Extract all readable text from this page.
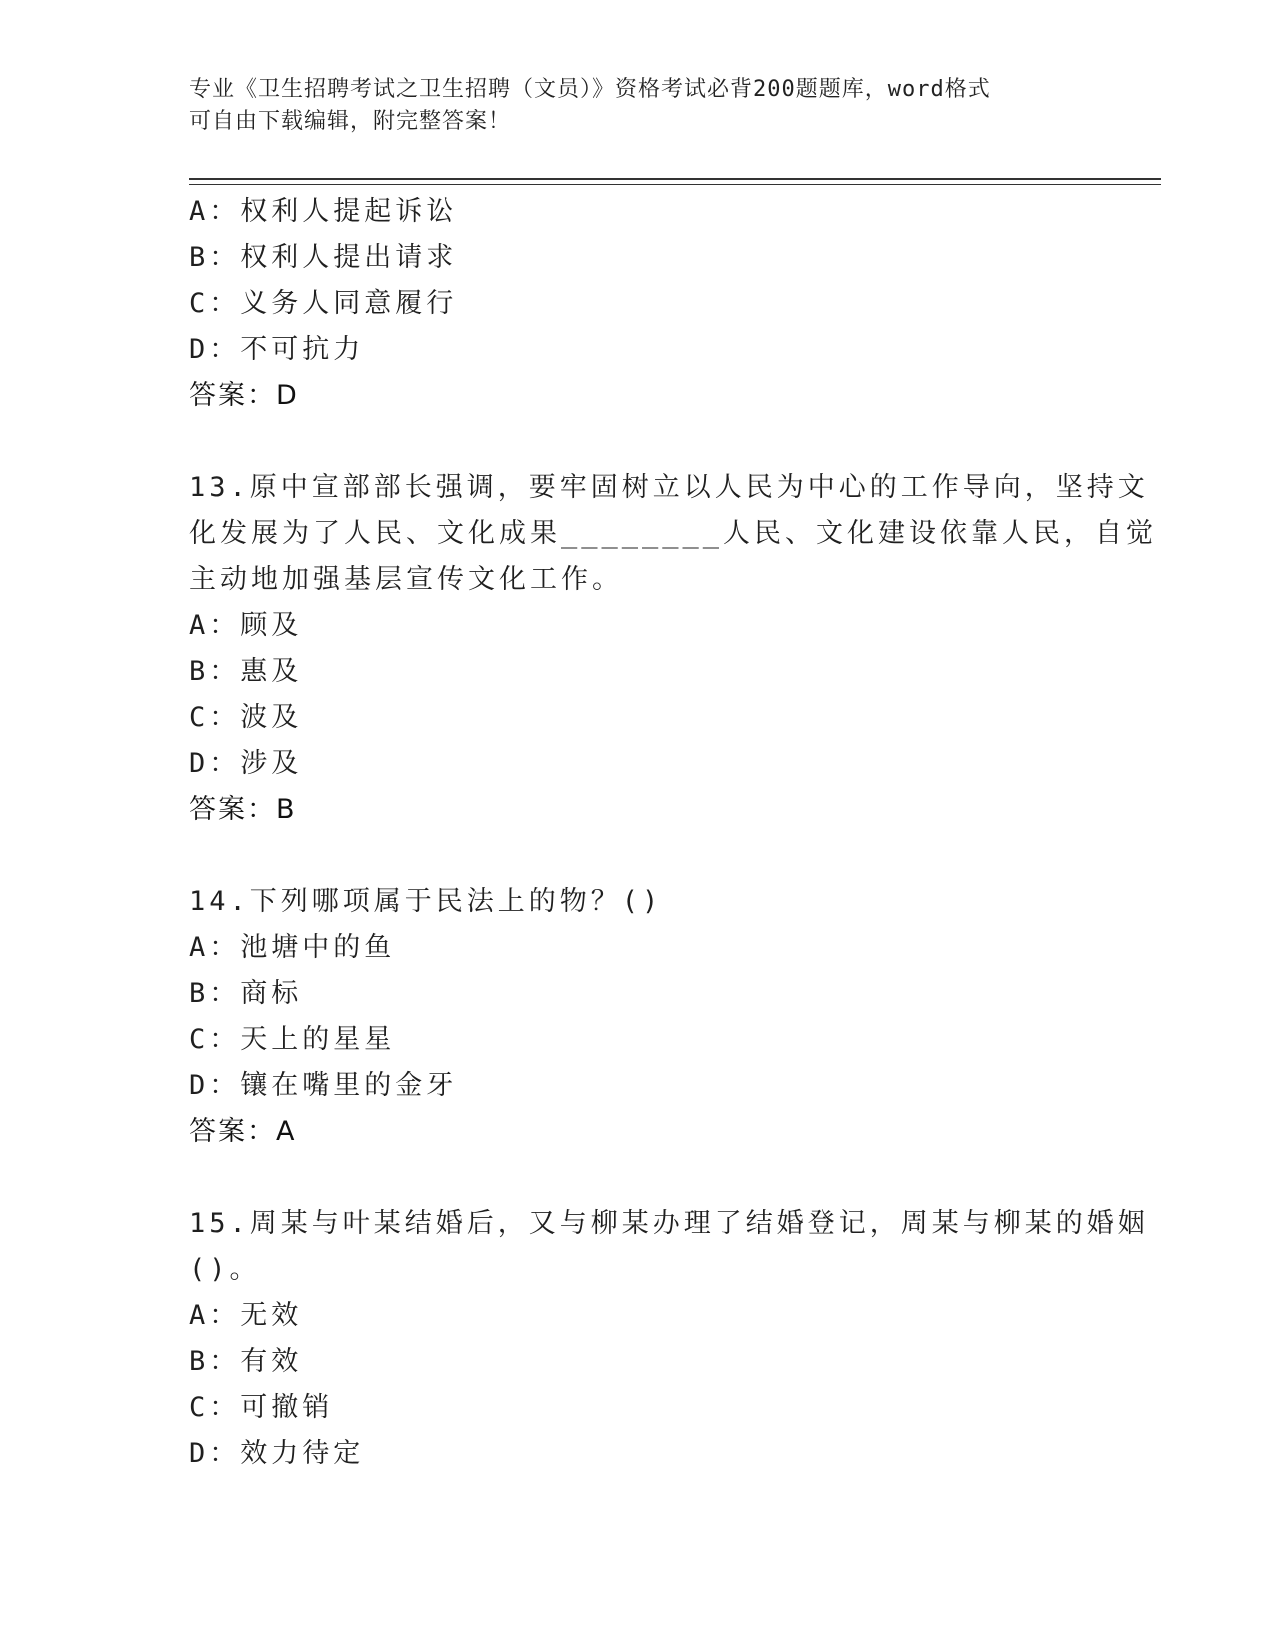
专业《卫生招聘考试之卫生招聘（文员）》资格考试必背200题题库，word格式
可自由下载编辑，附完整答案！
A：权利人提起诉讼
B：权利人提出请求
C：义务人同意履行
D：不可抗力
答案：D
13.原中宣部部长强调，要牢固树立以人民为中心的工作导向，坚持文
化发展为了人民、文化成果________人民、文化建设依靠人民，自觉
主动地加强基层宣传文化工作。
A：顾及
B：惠及
C：波及
D：涉及
答案：B
14.下列哪项属于民法上的物？()
A：池塘中的鱼
B：商标
C：天上的星星
D：镶在嘴里的金牙
答案：A
15.周某与叶某结婚后，又与柳某办理了结婚登记，周某与柳某的婚姻
()。
A：无效
B：有效
C：可撤销
D：效力待定
